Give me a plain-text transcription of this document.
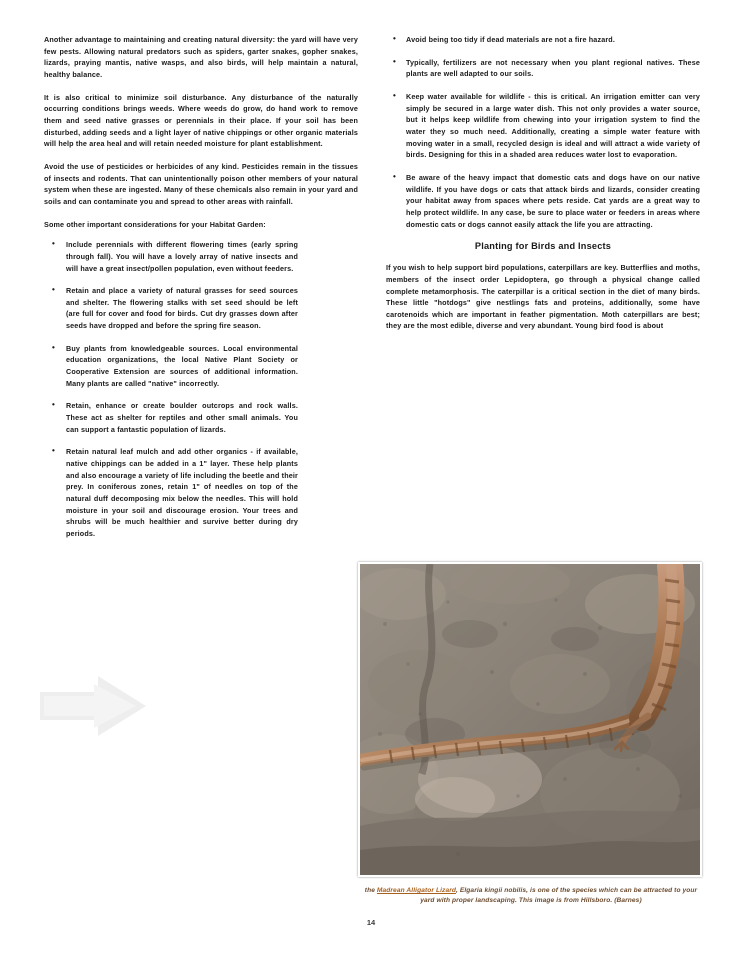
Another advantage to maintaining and creating natural diversity: the yard will have very few pests. Allowing natural predators such as spiders, garter snakes, gopher snakes, lizards, praying mantis, native wasps, and also birds, will help maintain a natural, healthy balance.

It is also critical to minimize soil disturbance. Any disturbance of the naturally occurring conditions brings weeds. Where weeds do grow, do hand work to remove them and seed native grasses or perennials in their place. If your soil has been disturbed, adding seeds and a light layer of native chippings or other organic materials will help the area heal and will retain needed moisture for plant establishment.

Avoid the use of pesticides or herbicides of any kind. Pesticides remain in the tissues of insects and rodents. That can unintentionally poison other members of your natural system when these are ingested. Many of these chemicals also remain in your yard and soils and can contaminate you and spread to other areas with rainfall.

Some other important considerations for your Habitat Garden:

• Include perennials with different flowering times (early spring through fall). You will have a lovely array of native insects and will have a great insect/pollen population, even without feeders.
• Retain and place a variety of natural grasses for seed sources and shelter. The flowering stalks with set seed should be left (are full for cover and food for birds. Cut dry grasses down after seeds have dropped and before the spring fire season.
• Buy plants from knowledgeable sources. Local environmental education organizations, the local Native Plant Society or Cooperative Extension are sources of additional information. Many plants are called "native" incorrectly.
• Retain, enhance or create boulder outcrops and rock walls. These act as shelter for reptiles and other small animals. You can support a fantastic population of lizards.
• Retain natural leaf mulch and add other organics - if available, native chippings can be added in a 1" layer. These help plants and also encourage a variety of life including the beetle and their prey. In coniferous zones, retain 1" of needles on top of the natural duff decomposing mix below the needles. This will hold moisture in your soil and discourage erosion. Your trees and shrubs will be much healthier and survive better during dry periods.
• Avoid being too tidy if dead materials are not a fire hazard.
• Typically, fertilizers are not necessary when you plant regional natives. These plants are well adapted to our soils.
• Keep water available for wildlife - this is critical. An irrigation emitter can very simply be secured in a large water dish. This not only provides a water source, but it helps keep wildlife from chewing into your irrigation system to find the water they so much need. Additionally, creating a simple water feature with moving water in a small, recycled design is ideal and will attract a wide variety of birds. Designing for this in a shaded area reduces water lost to evaporation.
• Be aware of the heavy impact that domestic cats and dogs have on our native wildlife. If you have dogs or cats that attack birds and lizards, consider creating your habitat away from spaces where pets reside. Cat yards are a great way to help protect wildlife. In any case, be sure to place water or feeders in areas where domestic cats or dogs cannot easily attack the life you are attracting.
Planting for Birds and Insects

If you wish to help support bird populations, caterpillars are key. Butterflies and moths, members of the insect order Lepidoptera, go through a physical change called complete metamorphosis. The caterpillar is a critical section in the diet of many birds. These little "hotdogs" give nestlings fats and proteins, additionally, some have carotenoids which are important in feather pigmentation. Moth caterpillars are best; they are the most edible, diverse and very abundant. Young bird food is about

the Madrean Alligator Lizard, Elgaria kingii nobilis, is one of the species which can be attracted to your yard with proper landscaping. This image is from Hillsboro. (Barnes)
14
